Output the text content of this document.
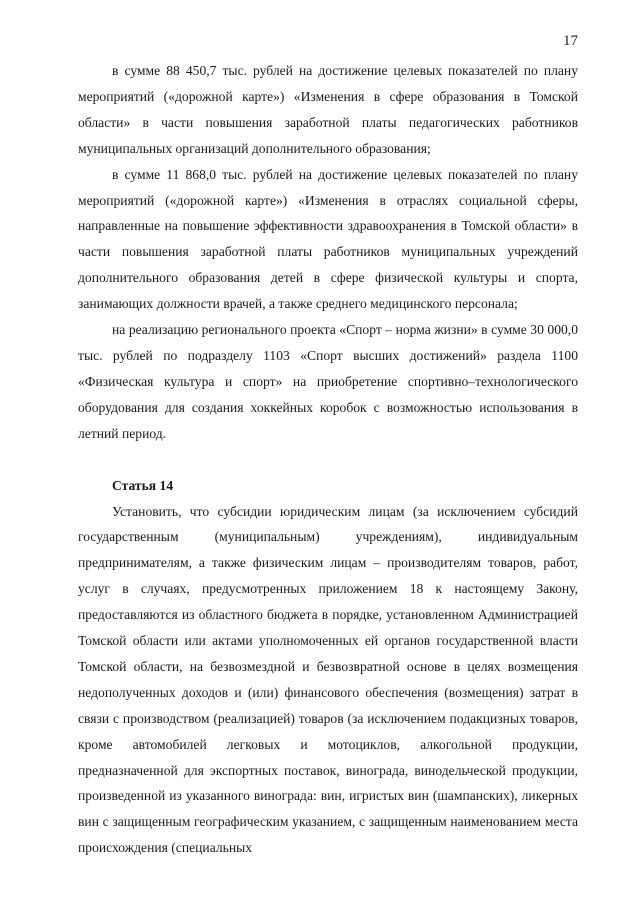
17

в сумме 88 450,7 тыс. рублей на достижение целевых показателей по плану мероприятий («дорожной карте») «Изменения в сфере образования в Томской области» в части повышения заработной платы педагогических работников муниципальных организаций дополнительного образования;

в сумме 11 868,0 тыс. рублей на достижение целевых показателей по плану мероприятий («дорожной карте») «Изменения в отраслях социальной сферы, направленные на повышение эффективности здравоохранения в Томской области» в части повышения заработной платы работников муниципальных учреждений дополнительного образования детей в сфере физической культуры и спорта, занимающих должности врачей, а также среднего медицинского персонала;

на реализацию регионального проекта «Спорт – норма жизни» в сумме 30 000,0 тыс. рублей по подразделу 1103 «Спорт высших достижений» раздела 1100 «Физическая культура и спорт» на приобретение спортивно–технологического оборудования для создания хоккейных коробок с возможностью использования в летний период.

Статья 14

Установить, что субсидии юридическим лицам (за исключением субсидий государственным (муниципальным) учреждениям), индивидуальным предпринимателям, а также физическим лицам – производителям товаров, работ, услуг в случаях, предусмотренных приложением 18 к настоящему Закону, предоставляются из областного бюджета в порядке, установленном Администрацией Томской области или актами уполномоченных ей органов государственной власти Томской области, на безвозмездной и безвозвратной основе в целях возмещения недополученных доходов и (или) финансового обеспечения (возмещения) затрат в связи с производством (реализацией) товаров (за исключением подакцизных товаров, кроме автомобилей легковых и мотоциклов, алкогольной продукции, предназначенной для экспортных поставок, винограда, винодельческой продукции, произведенной из указанного винограда: вин, игристых вин (шампанских), ликерных вин с защищенным географическим указанием, с защищенным наименованием места происхождения (специальных
